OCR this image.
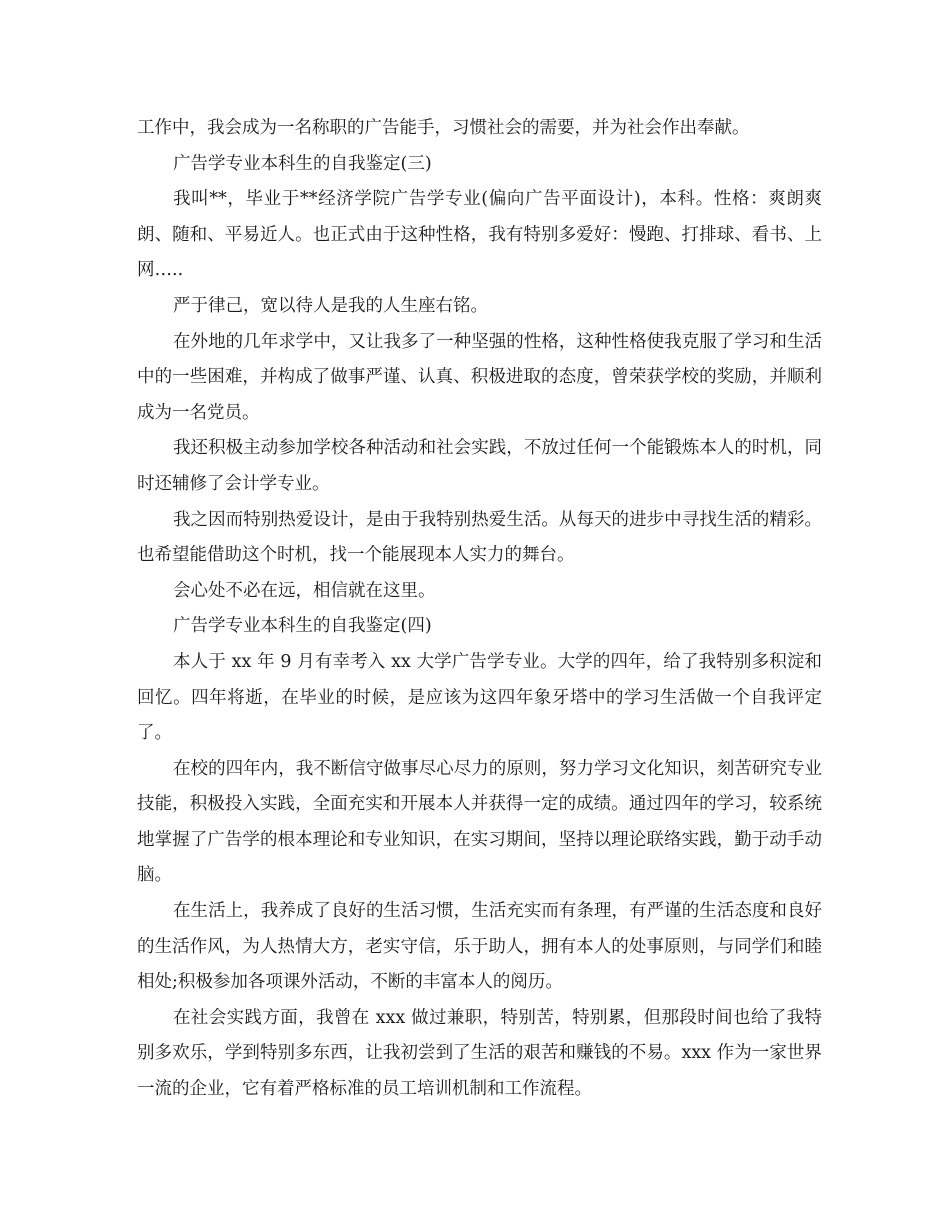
工作中，我会成为一名称职的广告能手，习惯社会的需要，并为社会作出奉献。

广告学专业本科生的自我鉴定(三)

我叫**，毕业于**经济学院广告学专业(偏向广告平面设计)，本科。性格：爽朗爽朗、随和、平易近人。也正式由于这种性格，我有特别多爱好：慢跑、打排球、看书、上网…..

严于律己，宽以待人是我的人生座右铭。

在外地的几年求学中，又让我多了一种坚强的性格，这种性格使我克服了学习和生活中的一些困难，并构成了做事严谨、认真、积极进取的态度，曾荣获学校的奖励，并顺利成为一名党员。

我还积极主动参加学校各种活动和社会实践，不放过任何一个能锻炼本人的时机，同时还辅修了会计学专业。

我之因而特别热爱设计，是由于我特别热爱生活。从每天的进步中寻找生活的精彩。也希望能借助这个时机，找一个能展现本人实力的舞台。

会心处不必在远，相信就在这里。

广告学专业本科生的自我鉴定(四)

本人于 xx 年 9 月有幸考入 xx 大学广告学专业。大学的四年，给了我特别多积淀和回忆。四年将逝，在毕业的时候，是应该为这四年象牙塔中的学习生活做一个自我评定了。

在校的四年内，我不断信守做事尽心尽力的原则，努力学习文化知识，刻苦研究专业技能，积极投入实践，全面充实和开展本人并获得一定的成绩。通过四年的学习，较系统地掌握了广告学的根本理论和专业知识，在实习期间，坚持以理论联络实践，勤于动手动脑。

在生活上，我养成了良好的生活习惯，生活充实而有条理，有严谨的生活态度和良好的生活作风，为人热情大方，老实守信，乐于助人，拥有本人的处事原则，与同学们和睦相处;积极参加各项课外活动，不断的丰富本人的阅历。

在社会实践方面，我曾在 xxx 做过兼职，特别苦，特别累，但那段时间也给了我特别多欢乐，学到特别多东西，让我初尝到了生活的艰苦和赚钱的不易。xxx 作为一家世界一流的企业，它有着严格标准的员工培训机制和工作流程。
